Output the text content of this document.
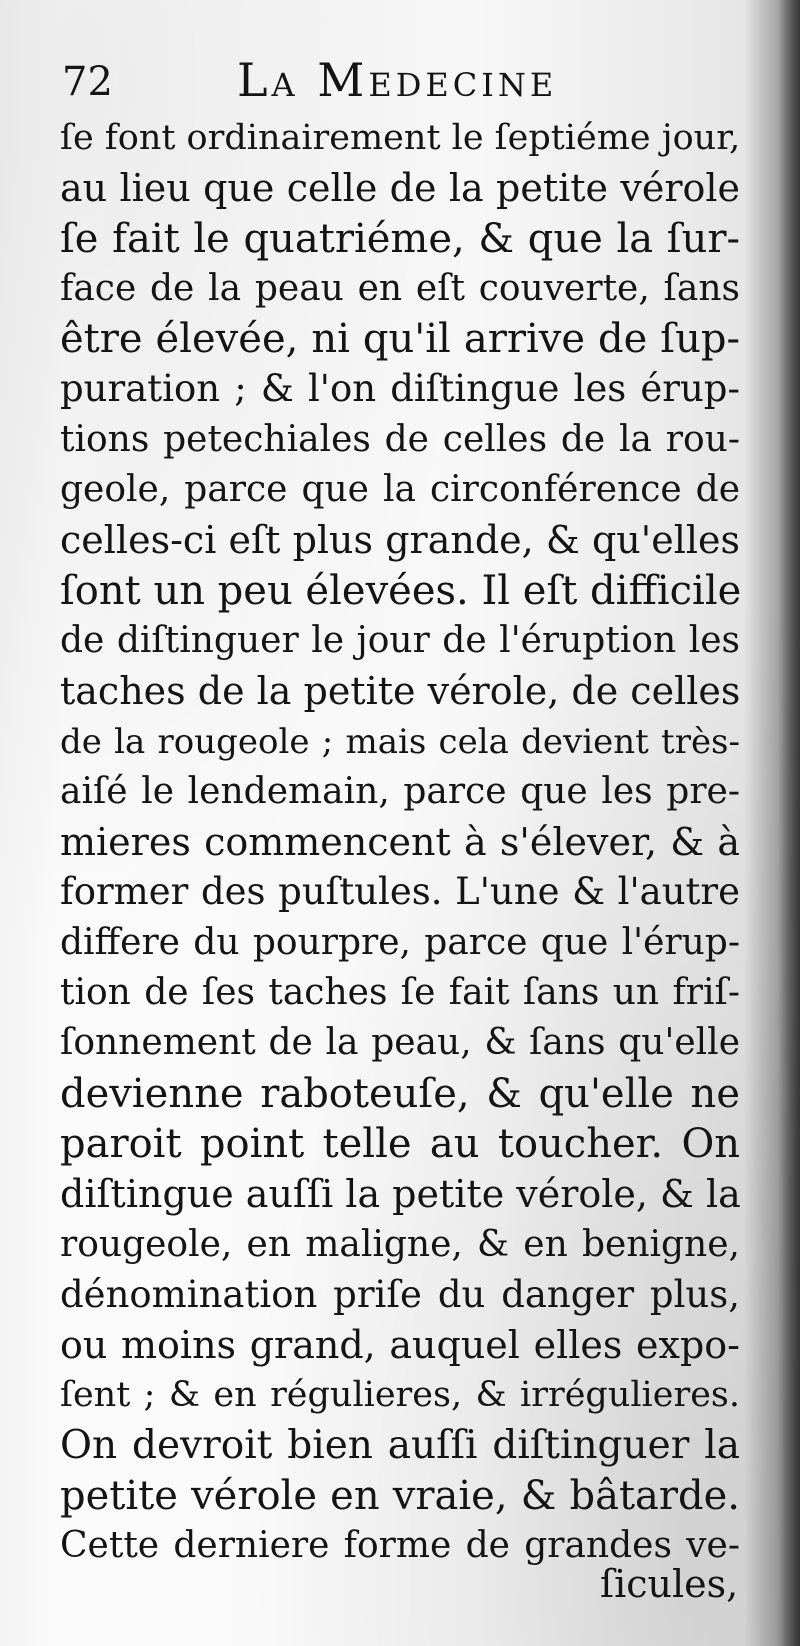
72	La Medecine
ſe font ordinairement le ſeptiéme jour,
au lieu que celle de la petite vérole
ſe fait le quatriéme, & que la ſur-
face de la peau en eſt couverte, ſans
être élevée, ni qu'il arrive de ſup-
puration ; & l'on diſtingue les érup-
tions petechiales de celles de la rou-
geole, parce que la circonférence de
celles-ci eſt plus grande, & qu'elles
ſont un peu élevées. Il eſt difficile
de diſtinguer le jour de l'éruption les
taches de la petite vérole, de celles
de la rougeole ; mais cela devient très-
aiſé le lendemain, parce que les pre-
mieres commencent à s'élever, & à
former des puſtules. L'une & l'autre
differe du pourpre, parce que l'érup-
tion de ſes taches ſe fait ſans un friſ-
ſonnement de la peau, & ſans qu'elle
devienne raboteuſe, & qu'elle ne
paroit point telle au toucher. On
diſtingue auſſi la petite vérole, & la
rougeole, en maligne, & en benigne,
dénomination priſe du danger plus,
ou moins grand, auquel elles expo-
ſent ; & en régulieres, & irrégulieres.
On devroit bien auſſi diſtinguer la
petite vérole en vraie, & bâtarde.
Cette derniere forme de grandes ve-
ſicules,
